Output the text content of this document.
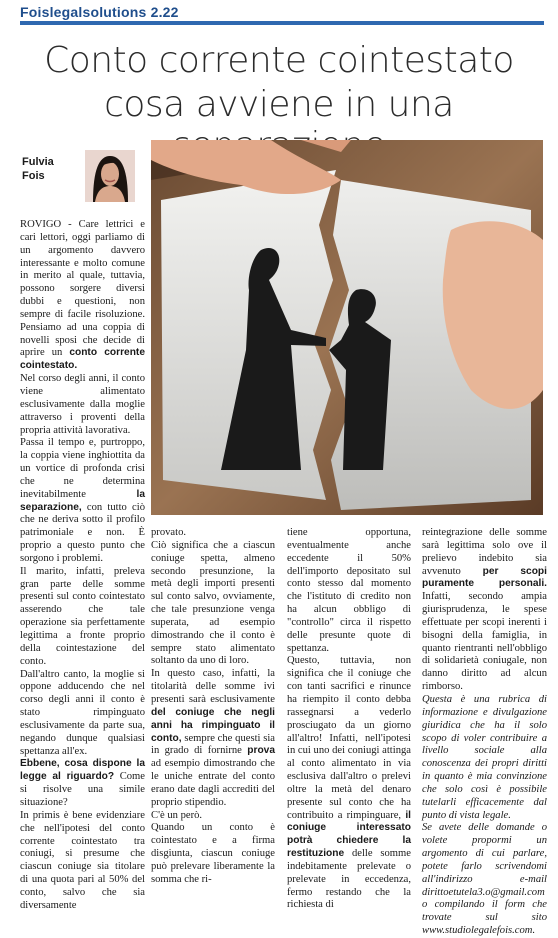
Foislegalsolutions 2.22
Conto corrente cointestato
cosa avviene in una
Fulvia
Fois

ROVIGO - Care lettrici e cari lettori, oggi parliamo di un argomento davvero interessante e molto comune in merito al quale, tuttavia, possono sorgere diversi dubbi e questioni, non sempre di facile risoluzione. Pensiamo ad una coppia di novelli sposi che decide di aprire un conto corrente cointestato.

Nel corso degli anni, il conto viene alimentato esclusivamente dalla moglie attraverso i proventi della propria attività lavorativa.

Passa il tempo e, purtroppo, la coppia viene inghiottita da un vortice di profonda crisi che ne determina inevitabilmente	la separazione, con tutto ciò che ne deriva sotto il profilo patrimoniale e non. È proprio a questo punto che sorgono i problemi.

Il marito, infatti, preleva gran parte delle somme presenti sul conto cointestato asserendo che tale operazione sia perfettamente legittima a fronte proprio della cointestazione del conto.

Dall'altro canto, la moglie si oppone adducendo che nel corso degli anni il conto è stato rimpinguato esclusivamente da parte sua, negando dunque qualsiasi spettanza all'ex.

Ebbene, cosa dispone la legge al riguardo? Come si risolve una simile situazione?

In primis è bene evidenziare che nell'ipotesi del conto corrente cointestato tra coniugi, si presume che ciascun coniuge sia titolare di una quota pari al 50% del conto, salvo che sia diversamente

provato.

Ciò significa che a ciascun coniuge spetta, almeno secondo presunzione, la metà degli importi presenti sul conto salvo, ovviamente, che tale presunzione venga superata, ad esempio dimostrando che il conto è sempre stato alimentato soltanto da uno di loro.

In questo caso, infatti, la titolarità delle somme ivi presenti sarà esclusivamente del coniuge che negli anni ha rimpinguato il conto, sempre che questi sia in grado di fornirne prova ad esempio dimostrando che le uniche entrate del conto erano date dagli accrediti del proprio stipendio.

C'è un però.

Quando un conto è cointestato e a firma disgiunta, ciascun coniuge può prelevare liberamente la somma che ri-

tiene opportuna, eventualmente anche eccedente il 50% dell'importo depositato sul conto stesso dal momento che l'istituto di credito non ha alcun obbligo di "controllo" circa il rispetto delle presunte quote di spettanza.

Questo, tuttavia, non significa che il coniuge che con tanti sacrifici e rinunce ha riempito il conto debba rassegnarsi a vederlo prosciugato da un giorno all'altro! Infatti, nell'ipotesi in cui uno dei coniugi attinga al conto alimentato in via esclusiva dall'altro o prelevi oltre la metà del denaro presente sul conto che ha contribuito a rimpinguare, il coniuge interessato potrà chiedere la restituzione delle somme indebitamente prelevate o prelevate in eccedenza, fermo restando che la richiesta di

reintegrazione delle somme sarà legittima solo ove il prelievo indebito sia avvenuto per scopi puramente personali. Infatti, secondo ampia giurisprudenza, le spese effettuate per scopi inerenti i bisogni della famiglia, in quanto rientranti nell'obbligo di solidarietà coniugale, non danno diritto ad alcun rimborso.

Questa è una rubrica di informazione e divulgazione giuridica che ha il solo scopo di voler contribuire a livello sociale alla conoscenza dei propri diritti in quanto è mia convinzione che solo così è possibile tutelarli efficacemente dal punto di vista legale.

Se avete delle domande o volete propormi un argomento di cui parlare, potete farlo scrivendomi all'indirizzo e-mail dirittoetutela3.o@gmail.com o compilando il form che trovate sul sito www.studiolegalefois.com.
